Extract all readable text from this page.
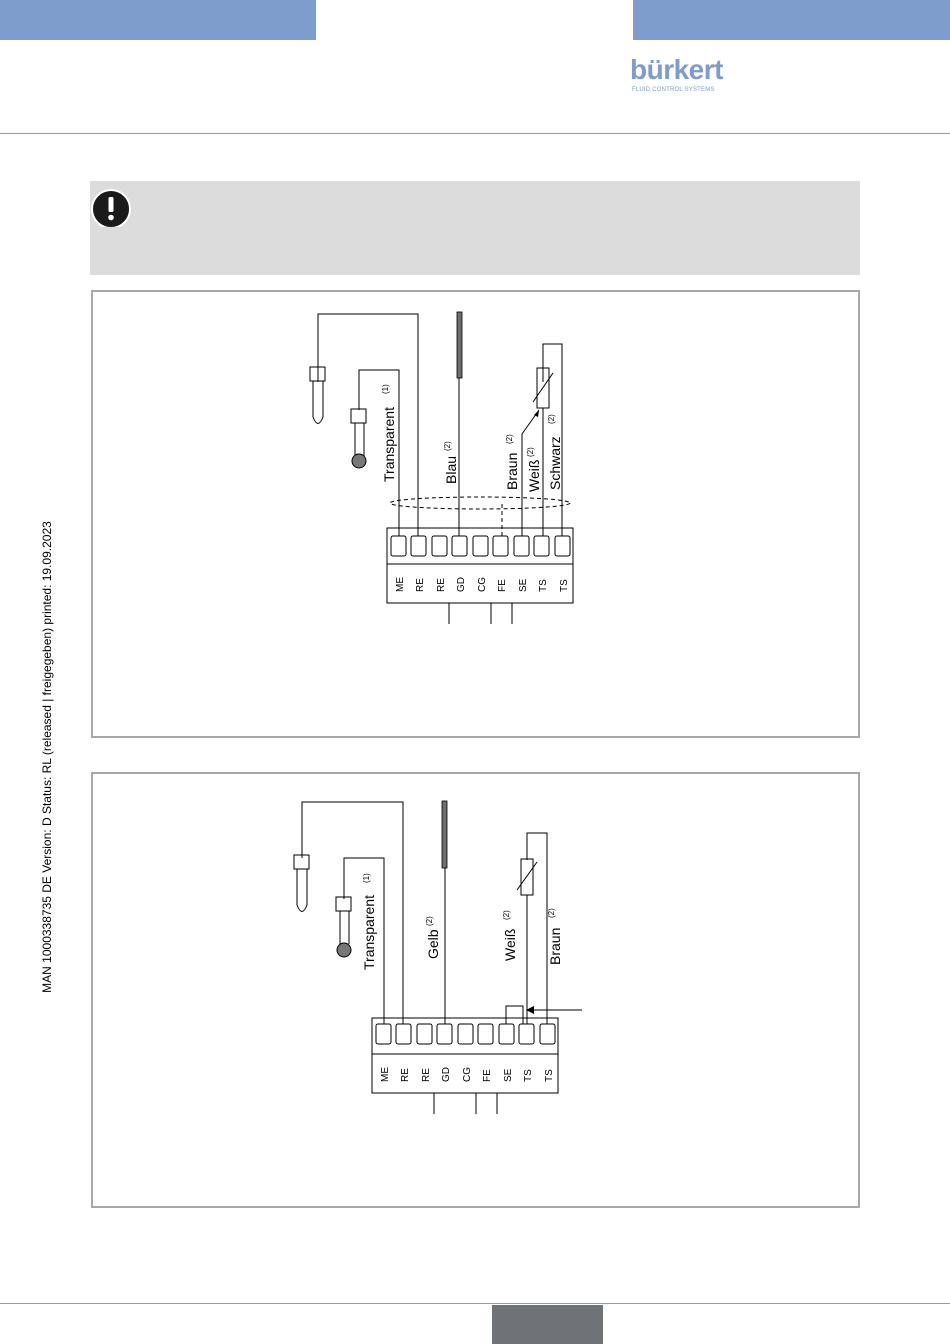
bürkert
FLUID CONTROL SYSTEMS
Transparent
(1)
Blau
(2)
Braun
(2)
Weiß
(2) Schwarz
(2)
ME RE RE GD CG FE SE TS TS
Transparent
(1)
Gelb
(2)
Weiß
(2)
Braun
(2)
ME RE RE GD CG FE SE TS TS
MAN 1000338735 DE Version: D Status: RL (released | freigegeben) printed: 19.09.2023
